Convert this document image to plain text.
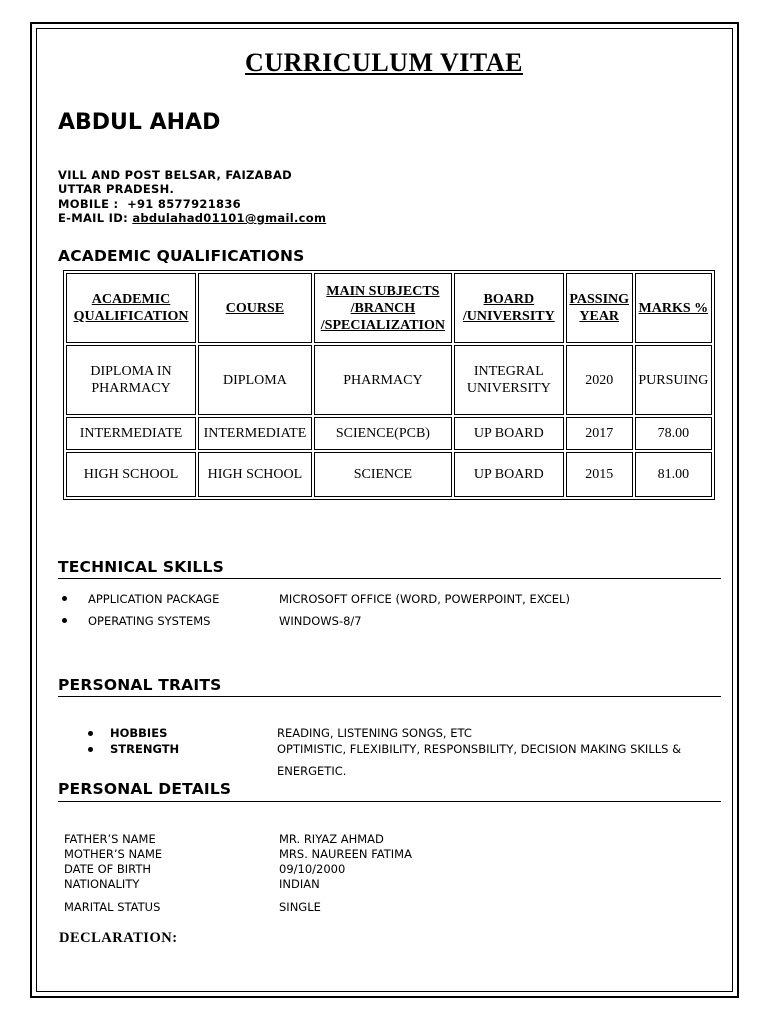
CURRICULUM VITAE
ABDUL AHAD
VILL AND POST BELSAR, FAIZABAD
UTTAR PRADESH.
MOBILE :  +91 8577921836
E-MAIL ID: abdulahad01101@gmail.com
ACADEMIC QUALIFICATIONS
ACADEMIC QUALIFICATION	COURSE	MAIN SUBJECTS /BRANCH /SPECIALIZATION	BOARD /UNIVERSITY	PASSING YEAR	MARKS %
DIPLOMA IN PHARMACY	DIPLOMA	PHARMACY	INTEGRAL UNIVERSITY	2020	PURSUING
INTERMEDIATE	INTERMEDIATE	SCIENCE(PCB)	UP BOARD	2017	78.00
HIGH SCHOOL	HIGH SCHOOL	SCIENCE	UP BOARD	2015	81.00
TECHNICAL SKILLS
APPLICATION PACKAGE	MICROSOFT OFFICE (WORD, POWERPOINT, EXCEL)
OPERATING SYSTEMS	WINDOWS-8/7
PERSONAL TRAITS
HOBBIES	READING, LISTENING SONGS, ETC
STRENGTH	OPTIMISTIC, FLEXIBILITY, RESPONSBILITY, DECISION MAKING SKILLS &
ENERGETIC.
PERSONAL DETAILS
FATHER’S NAME	MR. RIYAZ AHMAD
MOTHER’S NAME	MRS. NAUREEN FATIMA
DATE OF BIRTH	09/10/2000
NATIONALITY	INDIAN
MARITAL STATUS	SINGLE
DECLARATION:
